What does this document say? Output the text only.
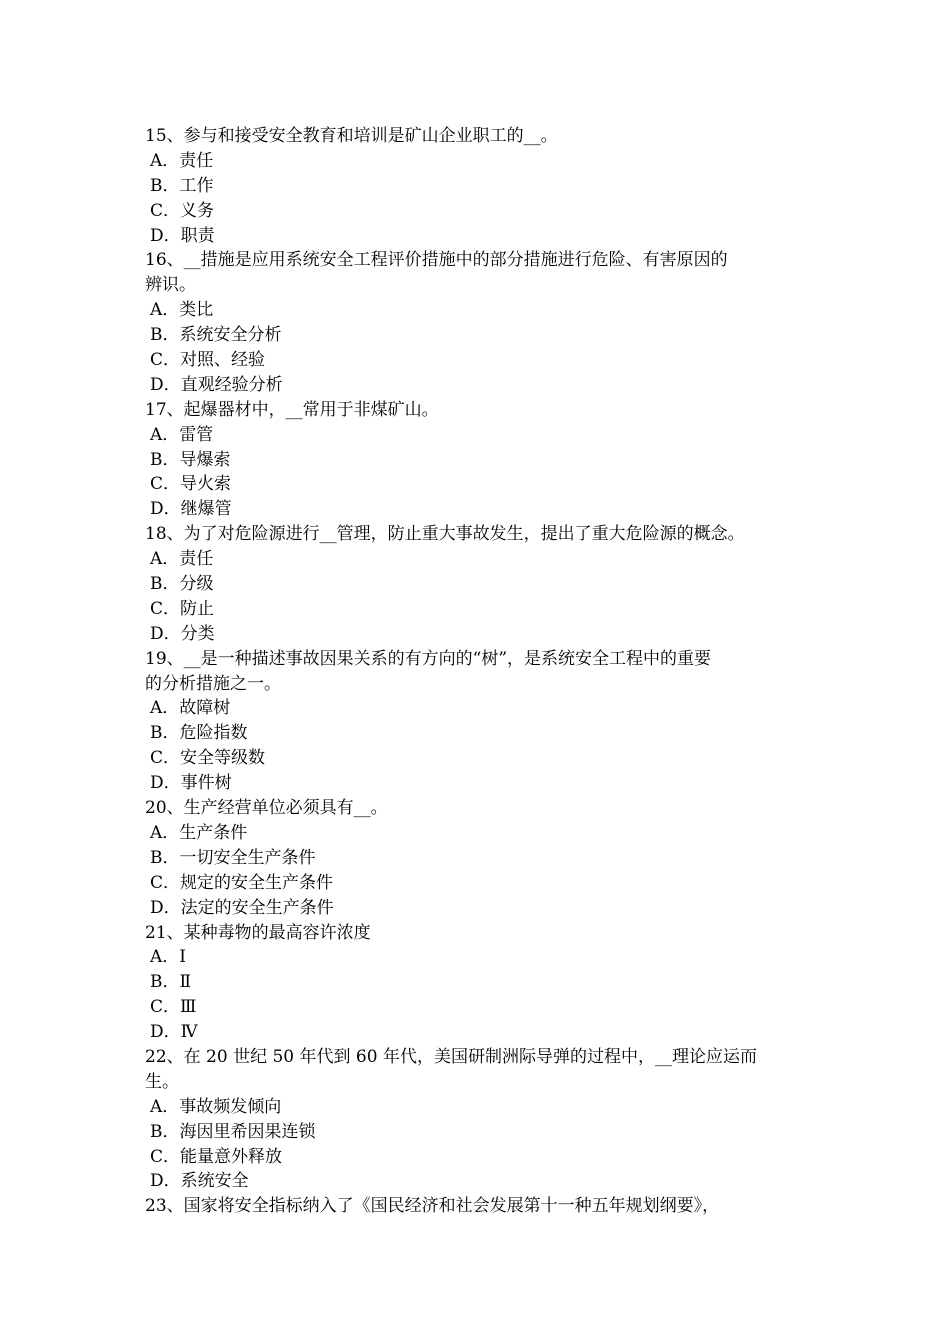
15、参与和接受安全教育和培训是矿山企业职工的__。
A．责任
B．工作
C．义务
D．职责
16、__措施是应用系统安全工程评价措施中的部分措施进行危险、有害原因的
辨识。
A．类比
B．系统安全分析
C．对照、经验
D．直观经验分析
17、起爆器材中，__常用于非煤矿山。
A．雷管
B．导爆索
C．导火索
D．继爆管
18、为了对危险源进行__管理，防止重大事故发生，提出了重大危险源的概念。
A．责任
B．分级
C．防止
D．分类
19、__是一种描述事故因果关系的有方向的“树”，是系统安全工程中的重要
的分析措施之一。
A．故障树
B．危险指数
C．安全等级数
D．事件树
20、生产经营单位必须具有__。
A．生产条件
B．一切安全生产条件
C．规定的安全生产条件
D．法定的安全生产条件
21、某种毒物的最高容许浓度
A．Ⅰ
B．Ⅱ
C．Ⅲ
D．Ⅳ
22、在 20 世纪 50 年代到 60 年代，美国研制洲际导弹的过程中，__理论应运而
生。
A．事故频发倾向
B．海因里希因果连锁
C．能量意外释放
D．系统安全
23、国家将安全指标纳入了《国民经济和社会发展第十一种五年规划纲要》，
